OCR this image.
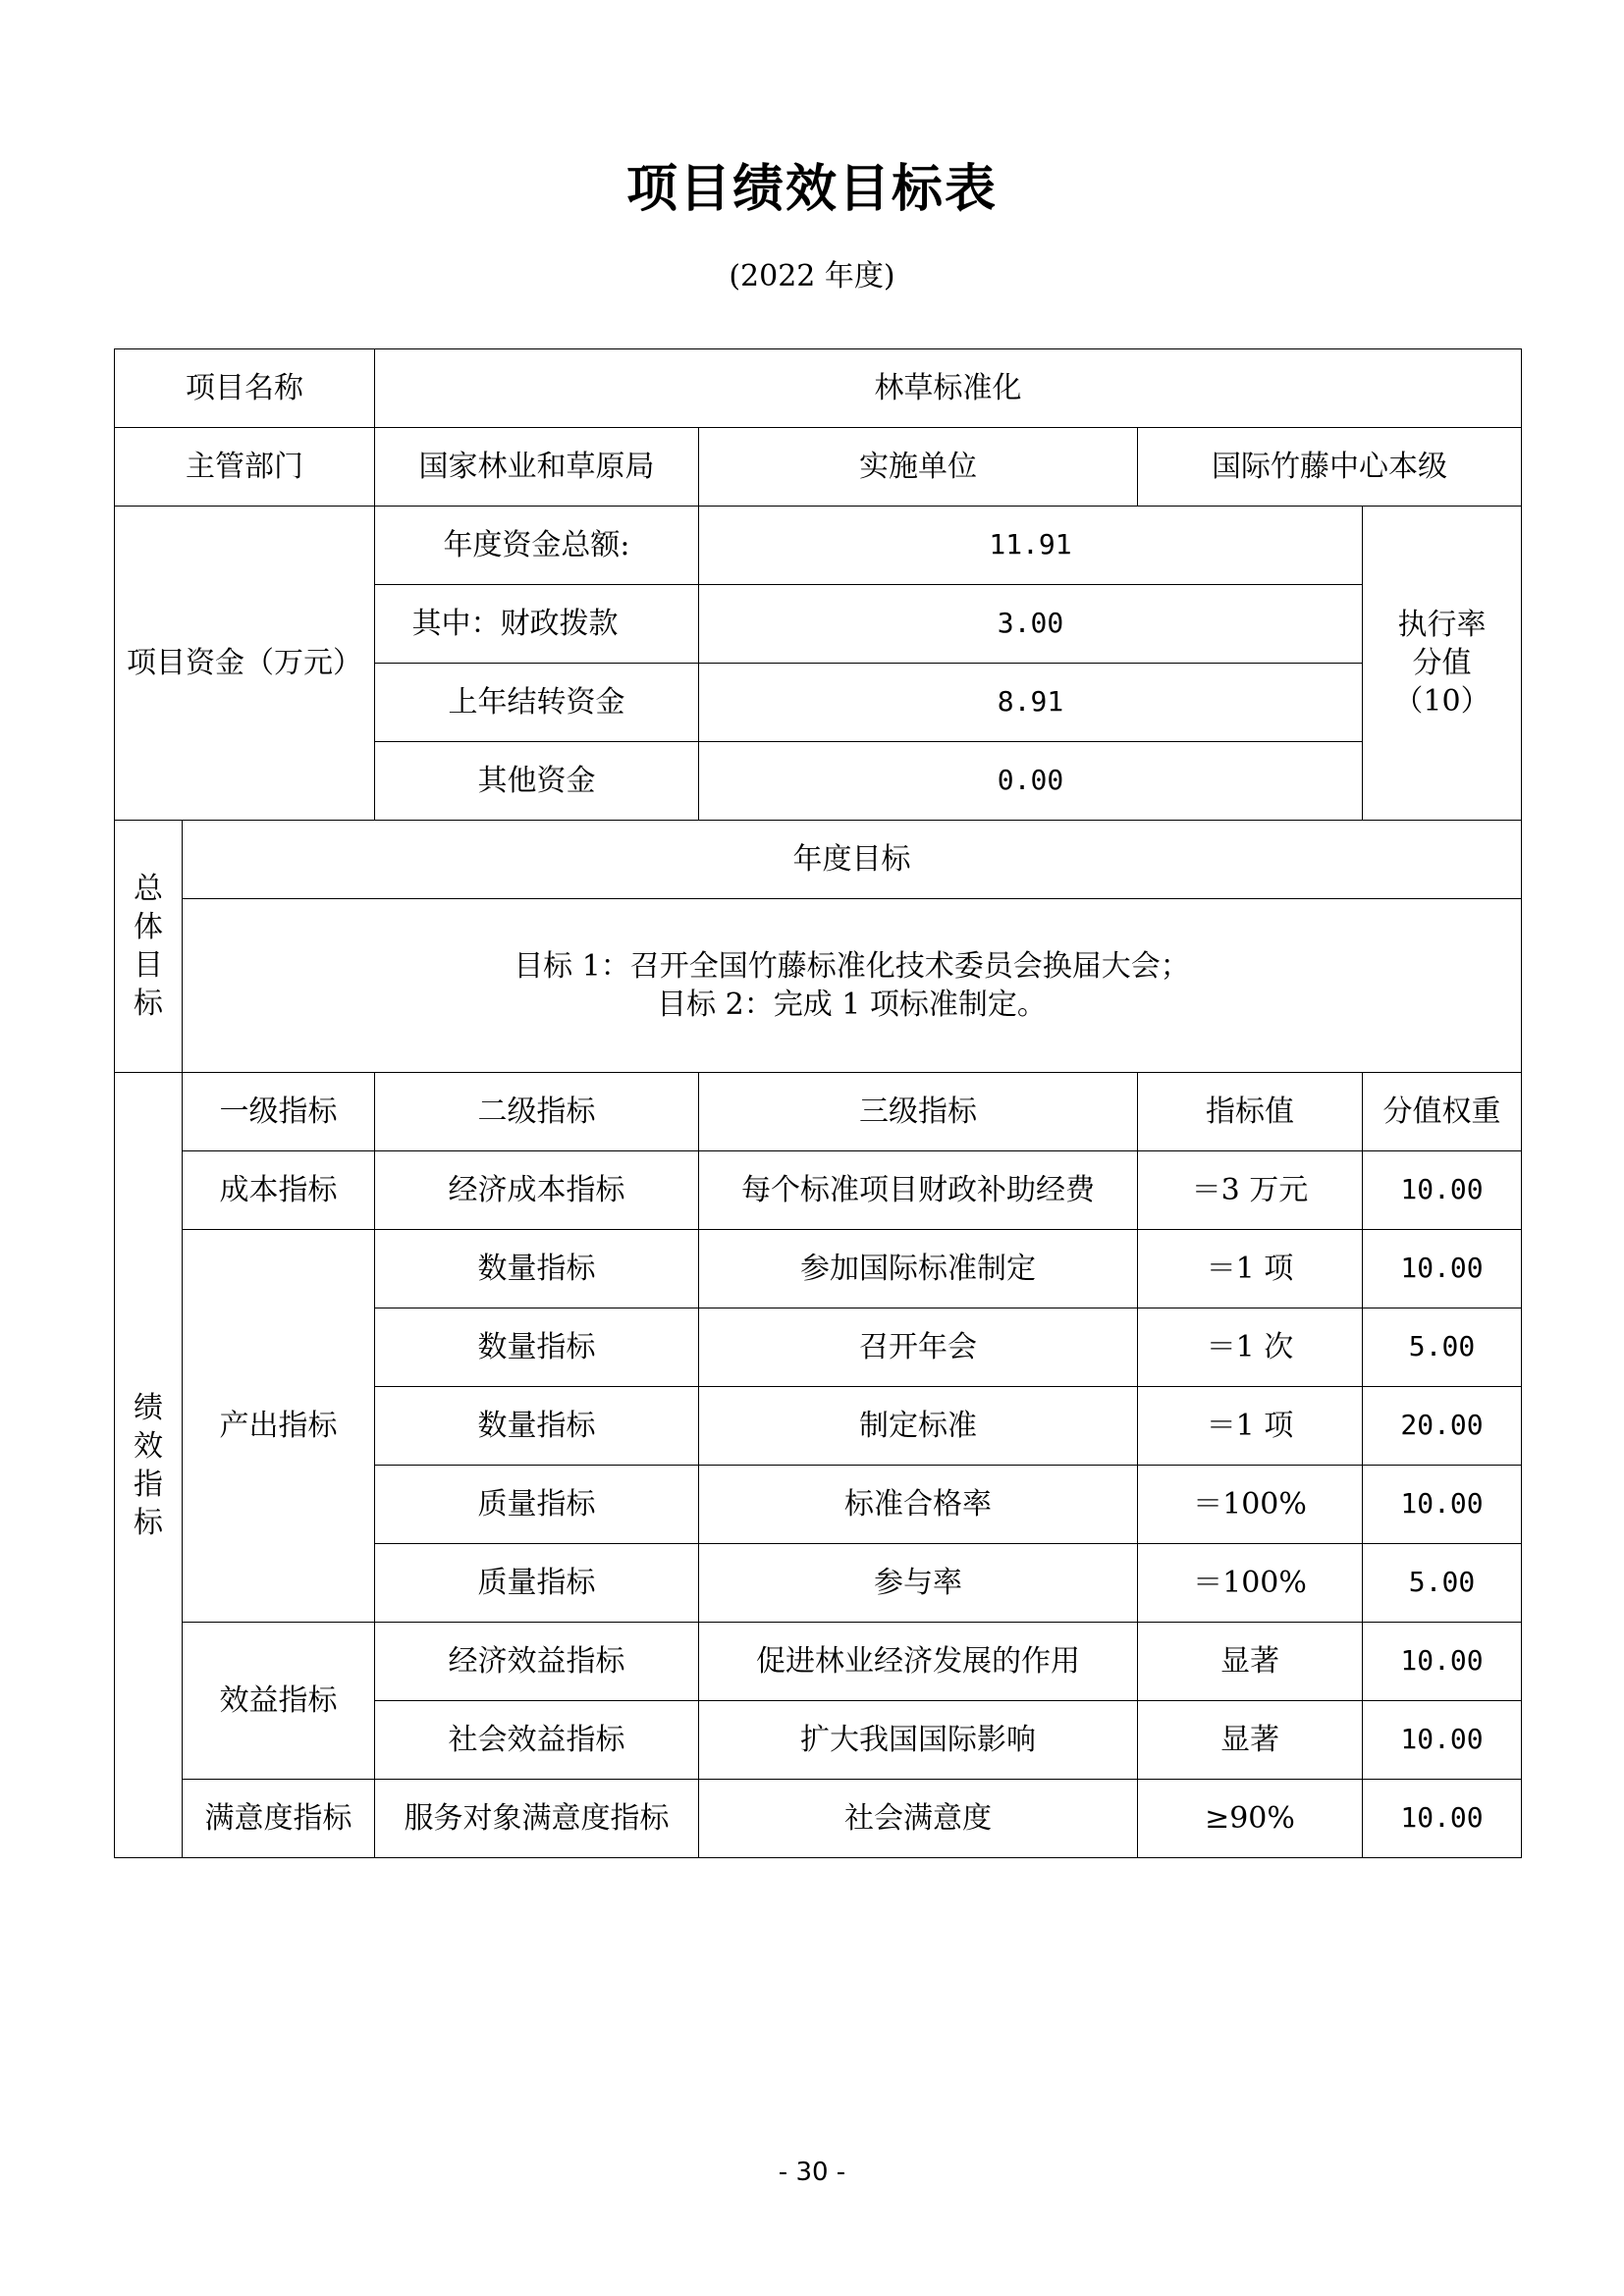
项目绩效目标表
(2022 年度)
项目名称		林草标准化			
主管部门		国家林业和草原局	实施单位	国际竹藤中心本级	
项目资金（万元）		年度资金总额:	11.91		执行率
分值
（10）

		其中：财政拨款	3.00		
		上年结转资金	8.91		
		其他资金	0.00		

总
体
目
标	年度目标				

	目标 1：召开全国竹藤标准化技术委员会换届大会；
目标 2：完成 1 项标准制定。				

绩
效
指
标	一级指标	二级指标	三级指标	指标值	分值权重
	成本指标	经济成本指标	每个标准项目财政补助经费	＝3 万元	10.00
	产出指标	数量指标	参加国际标准制定	＝1 项	10.00
		数量指标	召开年会	＝1 次	5.00
		数量指标	制定标准	＝1 项	20.00
		质量指标	标准合格率	＝100%	10.00
		质量指标	参与率	＝100%	5.00
	效益指标	经济效益指标	促进林业经济发展的作用	显著	10.00
		社会效益指标	扩大我国国际影响	显著	10.00
	满意度指标	服务对象满意度指标	社会满意度	≥90%	10.00
- 30 -
